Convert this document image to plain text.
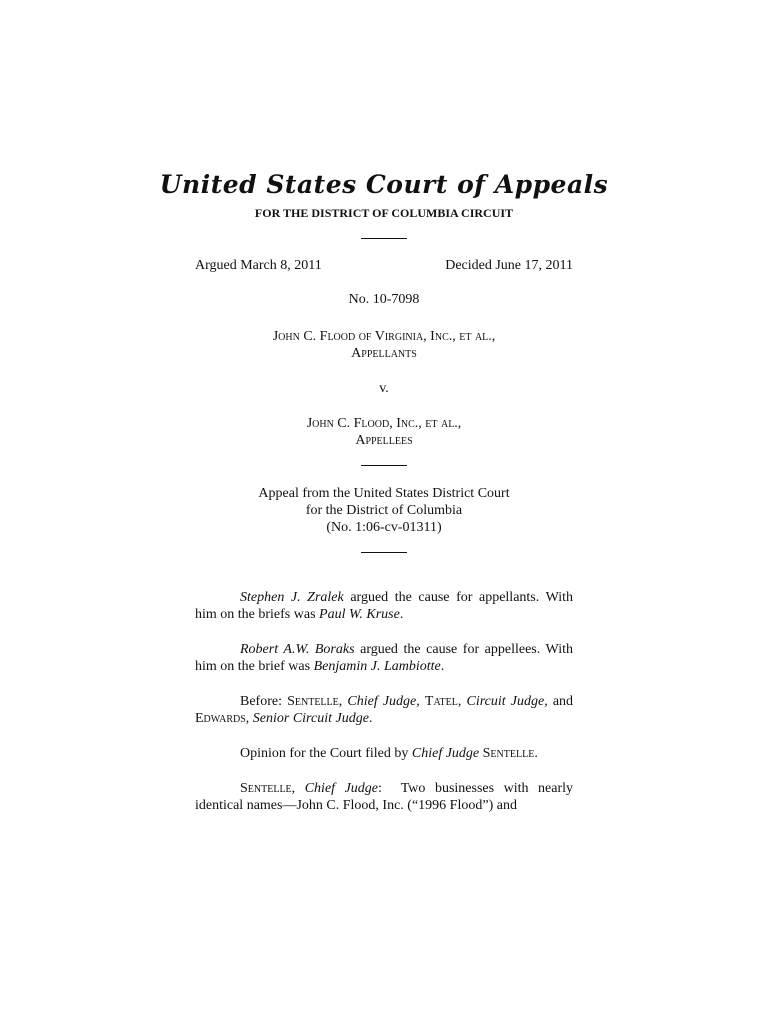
United States Court of Appeals
FOR THE DISTRICT OF COLUMBIA CIRCUIT
Argued March 8, 2011	Decided June 17, 2011
No. 10-7098
John C. Flood of Virginia, Inc., et al.,
Appellants
v.
John C. Flood, Inc., et al.,
Appellees
Appeal from the United States District Court
for the District of Columbia
(No. 1:06-cv-01311)
Stephen J. Zralek argued the cause for appellants. With him on the briefs was Paul W. Kruse.
Robert A.W. Boraks argued the cause for appellees. With him on the brief was Benjamin J. Lambiotte.
Before: Sentelle, Chief Judge, Tatel, Circuit Judge, and Edwards, Senior Circuit Judge.
Opinion for the Court filed by Chief Judge Sentelle.
Sentelle, Chief Judge:  Two businesses with nearly identical names—John C. Flood, Inc. (“1996 Flood”) and
